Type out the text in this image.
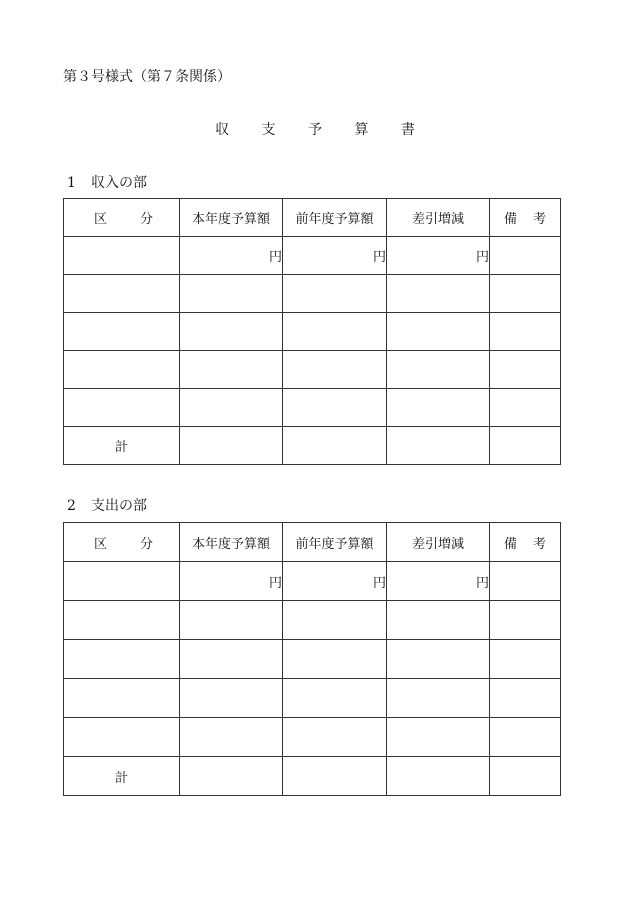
第３号様式（第７条関係）
収 支 予 算 書
1 収入の部
区 分	本年度予算額	前年度予算額	差引増減	備 考

	円	円	円	

計				
2 支出の部
区 分	本年度予算額	前年度予算額	差引増減	備 考

	円	円	円	

計				
